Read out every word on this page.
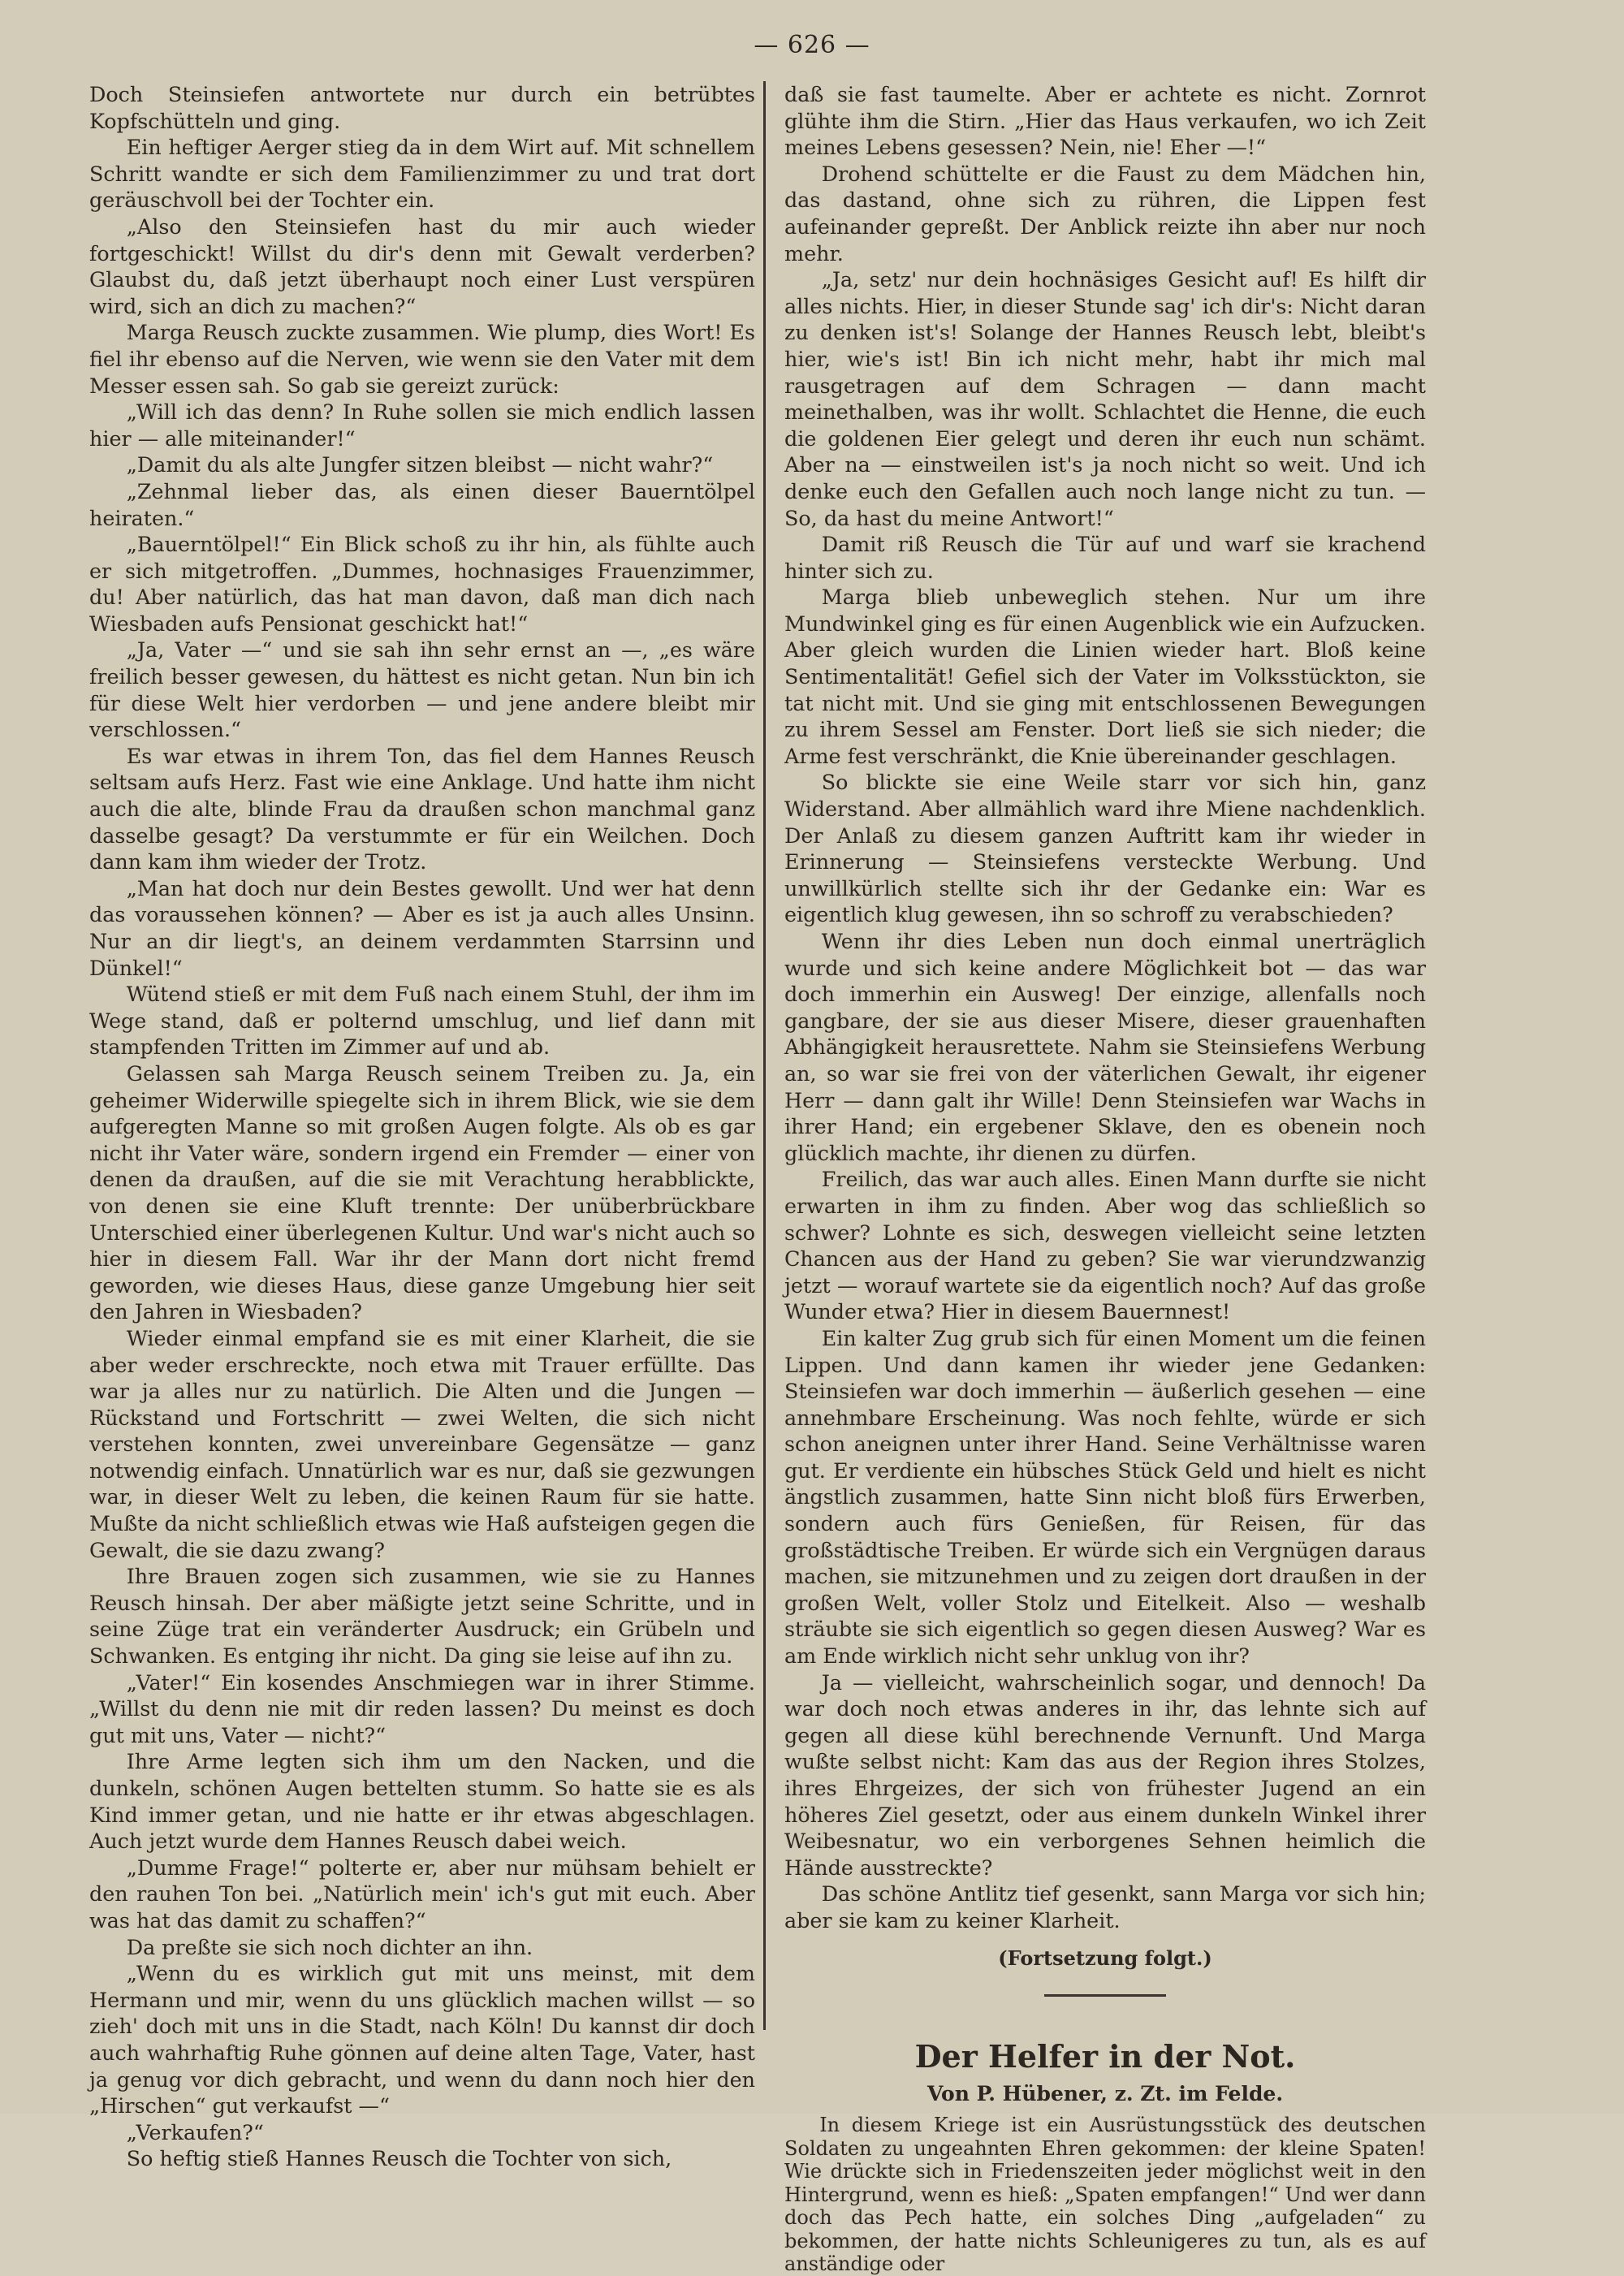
— 626 —

Doch Steinsiefen antwortete nur durch ein betrübtes Kopfschütteln und ging.

Ein heftiger Aerger stieg da in dem Wirt auf. Mit schnellem Schritt wandte er sich dem Familienzimmer zu und trat dort geräuschvoll bei der Tochter ein.

„Also den Steinsiefen hast du mir auch wieder fortgeschickt! Willst du dir's denn mit Gewalt verderben? Glaubst du, daß jetzt überhaupt noch einer Lust verspüren wird, sich an dich zu machen?“

Marga Reusch zuckte zusammen. Wie plump, dies Wort! Es fiel ihr ebenso auf die Nerven, wie wenn sie den Vater mit dem Messer essen sah. So gab sie gereizt zurück:

„Will ich das denn? In Ruhe sollen sie mich endlich lassen hier — alle miteinander!“

„Damit du als alte Jungfer sitzen bleibst — nicht wahr?“

„Zehnmal lieber das, als einen dieser Bauerntölpel heiraten.“

„Bauerntölpel!“ Ein Blick schoß zu ihr hin, als fühlte auch er sich mitgetroffen. „Dummes, hochnasiges Frauenzimmer, du! Aber natürlich, das hat man davon, daß man dich nach Wiesbaden aufs Pensionat geschickt hat!“

„Ja, Vater —“ und sie sah ihn sehr ernst an —, „es wäre freilich besser gewesen, du hättest es nicht getan. Nun bin ich für diese Welt hier verdorben — und jene andere bleibt mir verschlossen.“

Es war etwas in ihrem Ton, das fiel dem Hannes Reusch seltsam aufs Herz. Fast wie eine Anklage. Und hatte ihm nicht auch die alte, blinde Frau da draußen schon manchmal ganz dasselbe gesagt? Da verstummte er für ein Weilchen. Doch dann kam ihm wieder der Trotz.

„Man hat doch nur dein Bestes gewollt. Und wer hat denn das voraussehen können? — Aber es ist ja auch alles Unsinn. Nur an dir liegt's, an deinem verdammten Starrsinn und Dünkel!“

Wütend stieß er mit dem Fuß nach einem Stuhl, der ihm im Wege stand, daß er polternd umschlug, und lief dann mit stampfenden Tritten im Zimmer auf und ab.

Gelassen sah Marga Reusch seinem Treiben zu. Ja, ein geheimer Widerwille spiegelte sich in ihrem Blick, wie sie dem aufgeregten Manne so mit großen Augen folgte. Als ob es gar nicht ihr Vater wäre, sondern irgend ein Fremder — einer von denen da draußen, auf die sie mit Verachtung herabblickte, von denen sie eine Kluft trennte: Der unüberbrückbare Unterschied einer überlegenen Kultur. Und war's nicht auch so hier in diesem Fall. War ihr der Mann dort nicht fremd geworden, wie dieses Haus, diese ganze Umgebung hier seit den Jahren in Wiesbaden?

Wieder einmal empfand sie es mit einer Klarheit, die sie aber weder erschreckte, noch etwa mit Trauer erfüllte. Das war ja alles nur zu natürlich. Die Alten und die Jungen — Rückstand und Fortschritt — zwei Welten, die sich nicht verstehen konnten, zwei unvereinbare Gegensätze — ganz notwendig einfach. Unnatürlich war es nur, daß sie gezwungen war, in dieser Welt zu leben, die keinen Raum für sie hatte. Mußte da nicht schließlich etwas wie Haß aufsteigen gegen die Gewalt, die sie dazu zwang?

Ihre Brauen zogen sich zusammen, wie sie zu Hannes Reusch hinsah. Der aber mäßigte jetzt seine Schritte, und in seine Züge trat ein veränderter Ausdruck; ein Grübeln und Schwanken. Es entging ihr nicht. Da ging sie leise auf ihn zu.

„Vater!“ Ein kosendes Anschmiegen war in ihrer Stimme. „Willst du denn nie mit dir reden lassen? Du meinst es doch gut mit uns, Vater — nicht?“

Ihre Arme legten sich ihm um den Nacken, und die dunkeln, schönen Augen bettelten stumm. So hatte sie es als Kind immer getan, und nie hatte er ihr etwas abgeschlagen. Auch jetzt wurde dem Hannes Reusch dabei weich.

„Dumme Frage!“ polterte er, aber nur mühsam behielt er den rauhen Ton bei. „Natürlich mein' ich's gut mit euch. Aber was hat das damit zu schaffen?“

Da preßte sie sich noch dichter an ihn.

„Wenn du es wirklich gut mit uns meinst, mit dem Hermann und mir, wenn du uns glücklich machen willst — so zieh' doch mit uns in die Stadt, nach Köln! Du kannst dir doch auch wahrhaftig Ruhe gönnen auf deine alten Tage, Vater, hast ja genug vor dich gebracht, und wenn du dann noch hier den „Hirschen“ gut verkaufst —“

„Verkaufen?“

So heftig stieß Hannes Reusch die Tochter von sich,

daß sie fast taumelte. Aber er achtete es nicht. Zornrot glühte ihm die Stirn. „Hier das Haus verkaufen, wo ich Zeit meines Lebens gesessen? Nein, nie! Eher —!“

Drohend schüttelte er die Faust zu dem Mädchen hin, das dastand, ohne sich zu rühren, die Lippen fest aufeinander gepreßt. Der Anblick reizte ihn aber nur noch mehr.

„Ja, setz' nur dein hochnäsiges Gesicht auf! Es hilft dir alles nichts. Hier, in dieser Stunde sag' ich dir's: Nicht daran zu denken ist's! Solange der Hannes Reusch lebt, bleibt's hier, wie's ist! Bin ich nicht mehr, habt ihr mich mal rausgetragen auf dem Schragen — dann macht meinethalben, was ihr wollt. Schlachtet die Henne, die euch die goldenen Eier gelegt und deren ihr euch nun schämt. Aber na — einstweilen ist's ja noch nicht so weit. Und ich denke euch den Gefallen auch noch lange nicht zu tun. — So, da hast du meine Antwort!“

Damit riß Reusch die Tür auf und warf sie krachend hinter sich zu.

Marga blieb unbeweglich stehen. Nur um ihre Mundwinkel ging es für einen Augenblick wie ein Aufzucken. Aber gleich wurden die Linien wieder hart. Bloß keine Sentimentalität! Gefiel sich der Vater im Volksstückton, sie tat nicht mit. Und sie ging mit entschlossenen Bewegungen zu ihrem Sessel am Fenster. Dort ließ sie sich nieder; die Arme fest verschränkt, die Knie übereinander geschlagen.

So blickte sie eine Weile starr vor sich hin, ganz Widerstand. Aber allmählich ward ihre Miene nachdenklich. Der Anlaß zu diesem ganzen Auftritt kam ihr wieder in Erinnerung — Steinsiefens versteckte Werbung. Und unwillkürlich stellte sich ihr der Gedanke ein: War es eigentlich klug gewesen, ihn so schroff zu verabschieden?

Wenn ihr dies Leben nun doch einmal unerträglich wurde und sich keine andere Möglichkeit bot — das war doch immerhin ein Ausweg! Der einzige, allenfalls noch gangbare, der sie aus dieser Misere, dieser grauenhaften Abhängigkeit herausrettete. Nahm sie Steinsiefens Werbung an, so war sie frei von der väterlichen Gewalt, ihr eigener Herr — dann galt ihr Wille! Denn Steinsiefen war Wachs in ihrer Hand; ein ergebener Sklave, den es obenein noch glücklich machte, ihr dienen zu dürfen.

Freilich, das war auch alles. Einen Mann durfte sie nicht erwarten in ihm zu finden. Aber wog das schließlich so schwer? Lohnte es sich, deswegen vielleicht seine letzten Chancen aus der Hand zu geben? Sie war vierundzwanzig jetzt — worauf wartete sie da eigentlich noch? Auf das große Wunder etwa? Hier in diesem Bauernnest!

Ein kalter Zug grub sich für einen Moment um die feinen Lippen. Und dann kamen ihr wieder jene Gedanken: Steinsiefen war doch immerhin — äußerlich gesehen — eine annehmbare Erscheinung. Was noch fehlte, würde er sich schon aneignen unter ihrer Hand. Seine Verhältnisse waren gut. Er verdiente ein hübsches Stück Geld und hielt es nicht ängstlich zusammen, hatte Sinn nicht bloß fürs Erwerben, sondern auch fürs Genießen, für Reisen, für das großstädtische Treiben. Er würde sich ein Vergnügen daraus machen, sie mitzunehmen und zu zeigen dort draußen in der großen Welt, voller Stolz und Eitelkeit. Also — weshalb sträubte sie sich eigentlich so gegen diesen Ausweg? War es am Ende wirklich nicht sehr unklug von ihr?

Ja — vielleicht, wahrscheinlich sogar, und dennoch! Da war doch noch etwas anderes in ihr, das lehnte sich auf gegen all diese kühl berechnende Vernunft. Und Marga wußte selbst nicht: Kam das aus der Region ihres Stolzes, ihres Ehrgeizes, der sich von frühester Jugend an ein höheres Ziel gesetzt, oder aus einem dunkeln Winkel ihrer Weibesnatur, wo ein verborgenes Sehnen heimlich die Hände ausstreckte?

Das schöne Antlitz tief gesenkt, sann Marga vor sich hin; aber sie kam zu keiner Klarheit.

(Fortsetzung folgt.)

Der Helfer in der Not.
Von P. Hübener, z. Zt. im Felde.

In diesem Kriege ist ein Ausrüstungsstück des deutschen Soldaten zu ungeahnten Ehren gekommen: der kleine Spaten! Wie drückte sich in Friedenszeiten jeder möglichst weit in den Hintergrund, wenn es hieß: „Spaten empfangen!“ Und wer dann doch das Pech hatte, ein solches Ding „aufgeladen“ zu bekommen, der hatte nichts Schleunigeres zu tun, als es auf anständige oder
